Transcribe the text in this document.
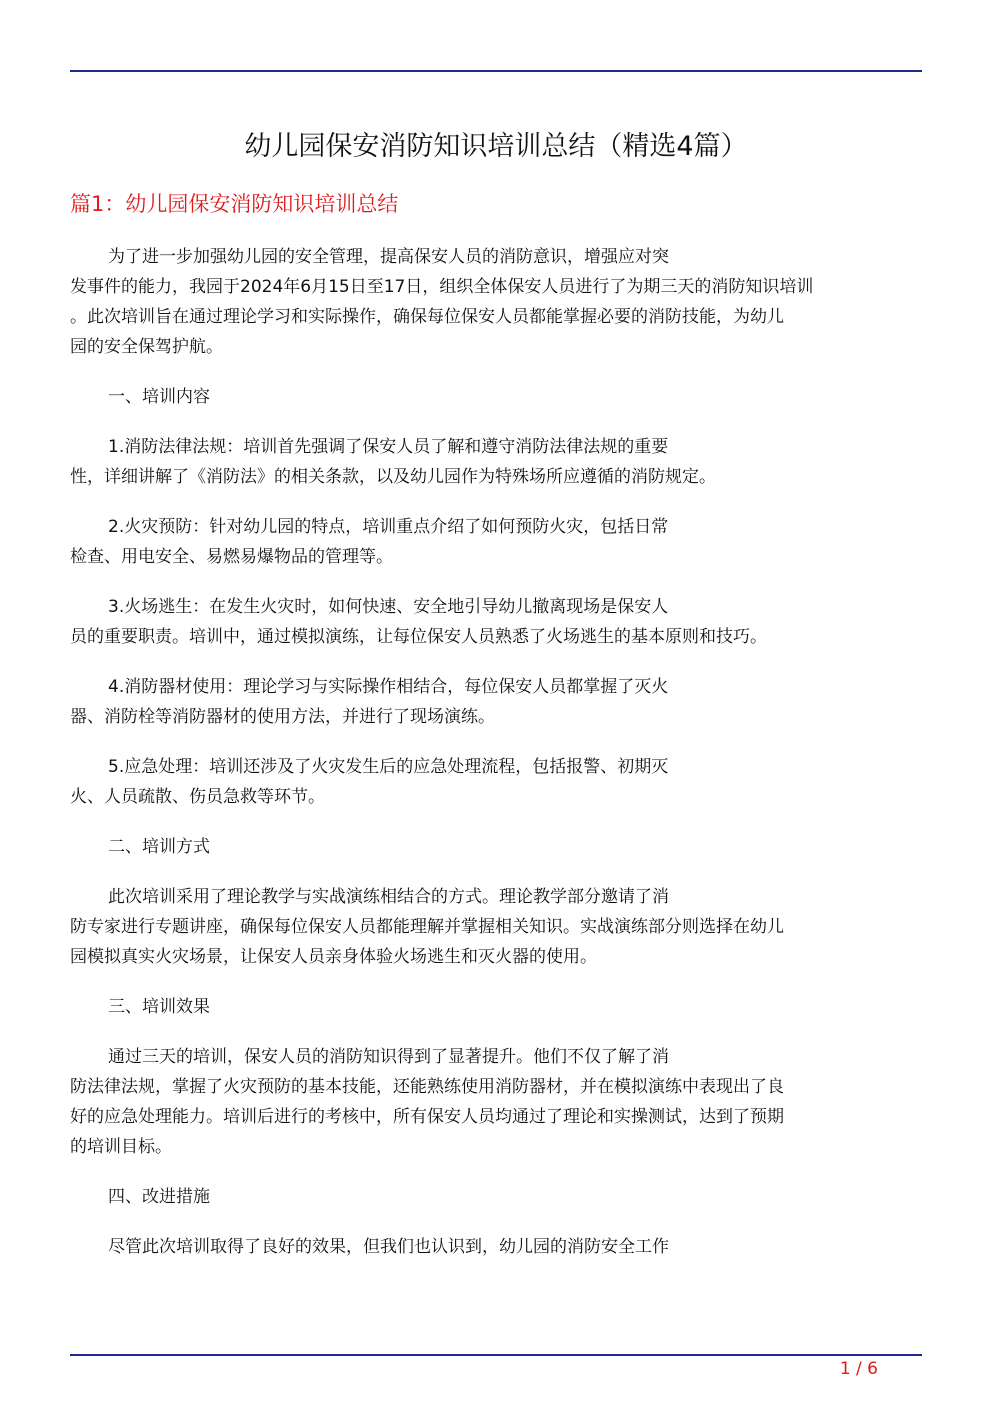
幼儿园保安消防知识培训总结（精选4篇）
篇1：幼儿园保安消防知识培训总结
为了进一步加强幼儿园的安全管理，提高保安人员的消防意识，增强应对突
发事件的能力，我园于2024年6月15日至17日，组织全体保安人员进行了为期三天的消防知识培训
。此次培训旨在通过理论学习和实际操作，确保每位保安人员都能掌握必要的消防技能，为幼儿
园的安全保驾护航。
一、培训内容
1.消防法律法规：培训首先强调了保安人员了解和遵守消防法律法规的重要
性，详细讲解了《消防法》的相关条款，以及幼儿园作为特殊场所应遵循的消防规定。
2.火灾预防：针对幼儿园的特点，培训重点介绍了如何预防火灾，包括日常
检查、用电安全、易燃易爆物品的管理等。
3.火场逃生：在发生火灾时，如何快速、安全地引导幼儿撤离现场是保安人
员的重要职责。培训中，通过模拟演练，让每位保安人员熟悉了火场逃生的基本原则和技巧。
4.消防器材使用：理论学习与实际操作相结合，每位保安人员都掌握了灭火
器、消防栓等消防器材的使用方法，并进行了现场演练。
5.应急处理：培训还涉及了火灾发生后的应急处理流程，包括报警、初期灭
火、人员疏散、伤员急救等环节。
二、培训方式
此次培训采用了理论教学与实战演练相结合的方式。理论教学部分邀请了消
防专家进行专题讲座，确保每位保安人员都能理解并掌握相关知识。实战演练部分则选择在幼儿
园模拟真实火灾场景，让保安人员亲身体验火场逃生和灭火器的使用。
三、培训效果
通过三天的培训，保安人员的消防知识得到了显著提升。他们不仅了解了消
防法律法规，掌握了火灾预防的基本技能，还能熟练使用消防器材，并在模拟演练中表现出了良
好的应急处理能力。培训后进行的考核中，所有保安人员均通过了理论和实操测试，达到了预期
的培训目标。
四、改进措施
尽管此次培训取得了良好的效果，但我们也认识到，幼儿园的消防安全工作
1 / 6
